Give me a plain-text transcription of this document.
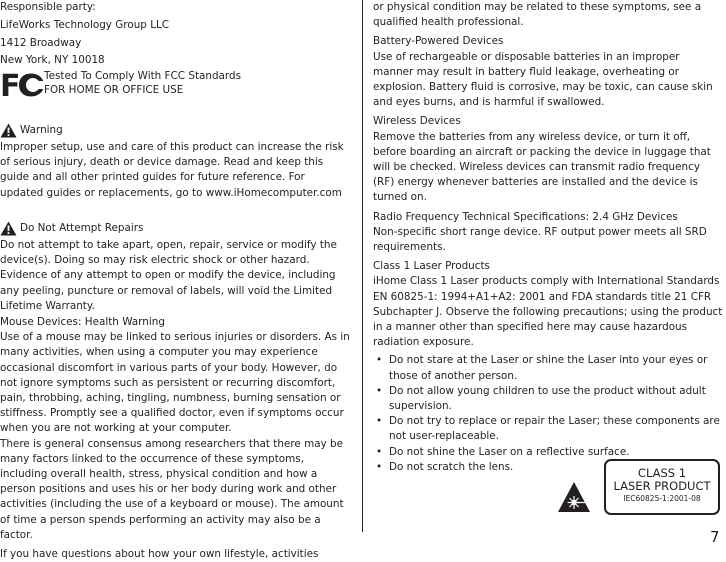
Responsible party:

LifeWorks Technology Group LLC

1412 Broadway

New York, NY 10018

FC Tested To Comply With FCC Standards

FOR HOME OR OFFICE USE

Warning

Improper setup, use and care of this product can increase the risk of serious injury, death or device damage. Read and keep this guide and all other printed guides for future reference. For updated guides or replacements, go to www.iHomecomputer.com

Do Not Attempt Repairs

Do not attempt to take apart, open, repair, service or modify the device(s). Doing so may risk electric shock or other hazard. Evidence of any attempt to open or modify the device, including any peeling, puncture or removal of labels, will void the Limited Lifetime Warranty.

Mouse Devices: Health Warning

Use of a mouse may be linked to serious injuries or disorders. As in many activities, when using a computer you may experience occasional discomfort in various parts of your body. However, do not ignore symptoms such as persistent or recurring discomfort, pain, throbbing, aching, tingling, numbness, burning sensation or stiffness. Promptly see a qualified doctor, even if symptoms occur when you are not working at your computer.

There is general consensus among researchers that there may be many factors linked to the occurrence of these symptoms, including overall health, stress, physical condition and how a person positions and uses his or her body during work and other activities (including the use of a keyboard or mouse). The amount of time a person spends performing an activity may also be a factor.

If you have questions about how your own lifestyle, activities

or physical condition may be related to these symptoms, see a qualified health professional.

Battery-Powered Devices

Use of rechargeable or disposable batteries in an improper manner may result in battery fluid leakage, overheating or explosion. Battery fluid is corrosive, may be toxic, can cause skin and eyes burns, and is harmful if swallowed.

Wireless Devices

Remove the batteries from any wireless device, or turn it off, before boarding an aircraft or packing the device in luggage that will be checked. Wireless devices can transmit radio frequency (RF) energy whenever batteries are installed and the device is turned on.

Radio Frequency Technical Specifications: 2.4 GHz Devices

Non-specific short range device. RF output power meets all SRD requirements.

Class 1 Laser Products

iHome Class 1 Laser products comply with International Standards EN 60825-1: 1994+A1+A2: 2001 and FDA standards title 21 CFR Subchapter J. Observe the following precautions; using the product in a manner other than specified here may cause hazardous radiation exposure.

• Do not stare at the Laser or shine the Laser into your eyes or those of another person.
• Do not allow young children to use the product without adult supervision.
• Do not try to replace or repair the Laser; these components are not user-replaceable.
• Do not shine the Laser on a reflective surface.
• Do not scratch the lens.	CLASS 1
LASER PRODUCT
IEC60825-1:2001-08
7
